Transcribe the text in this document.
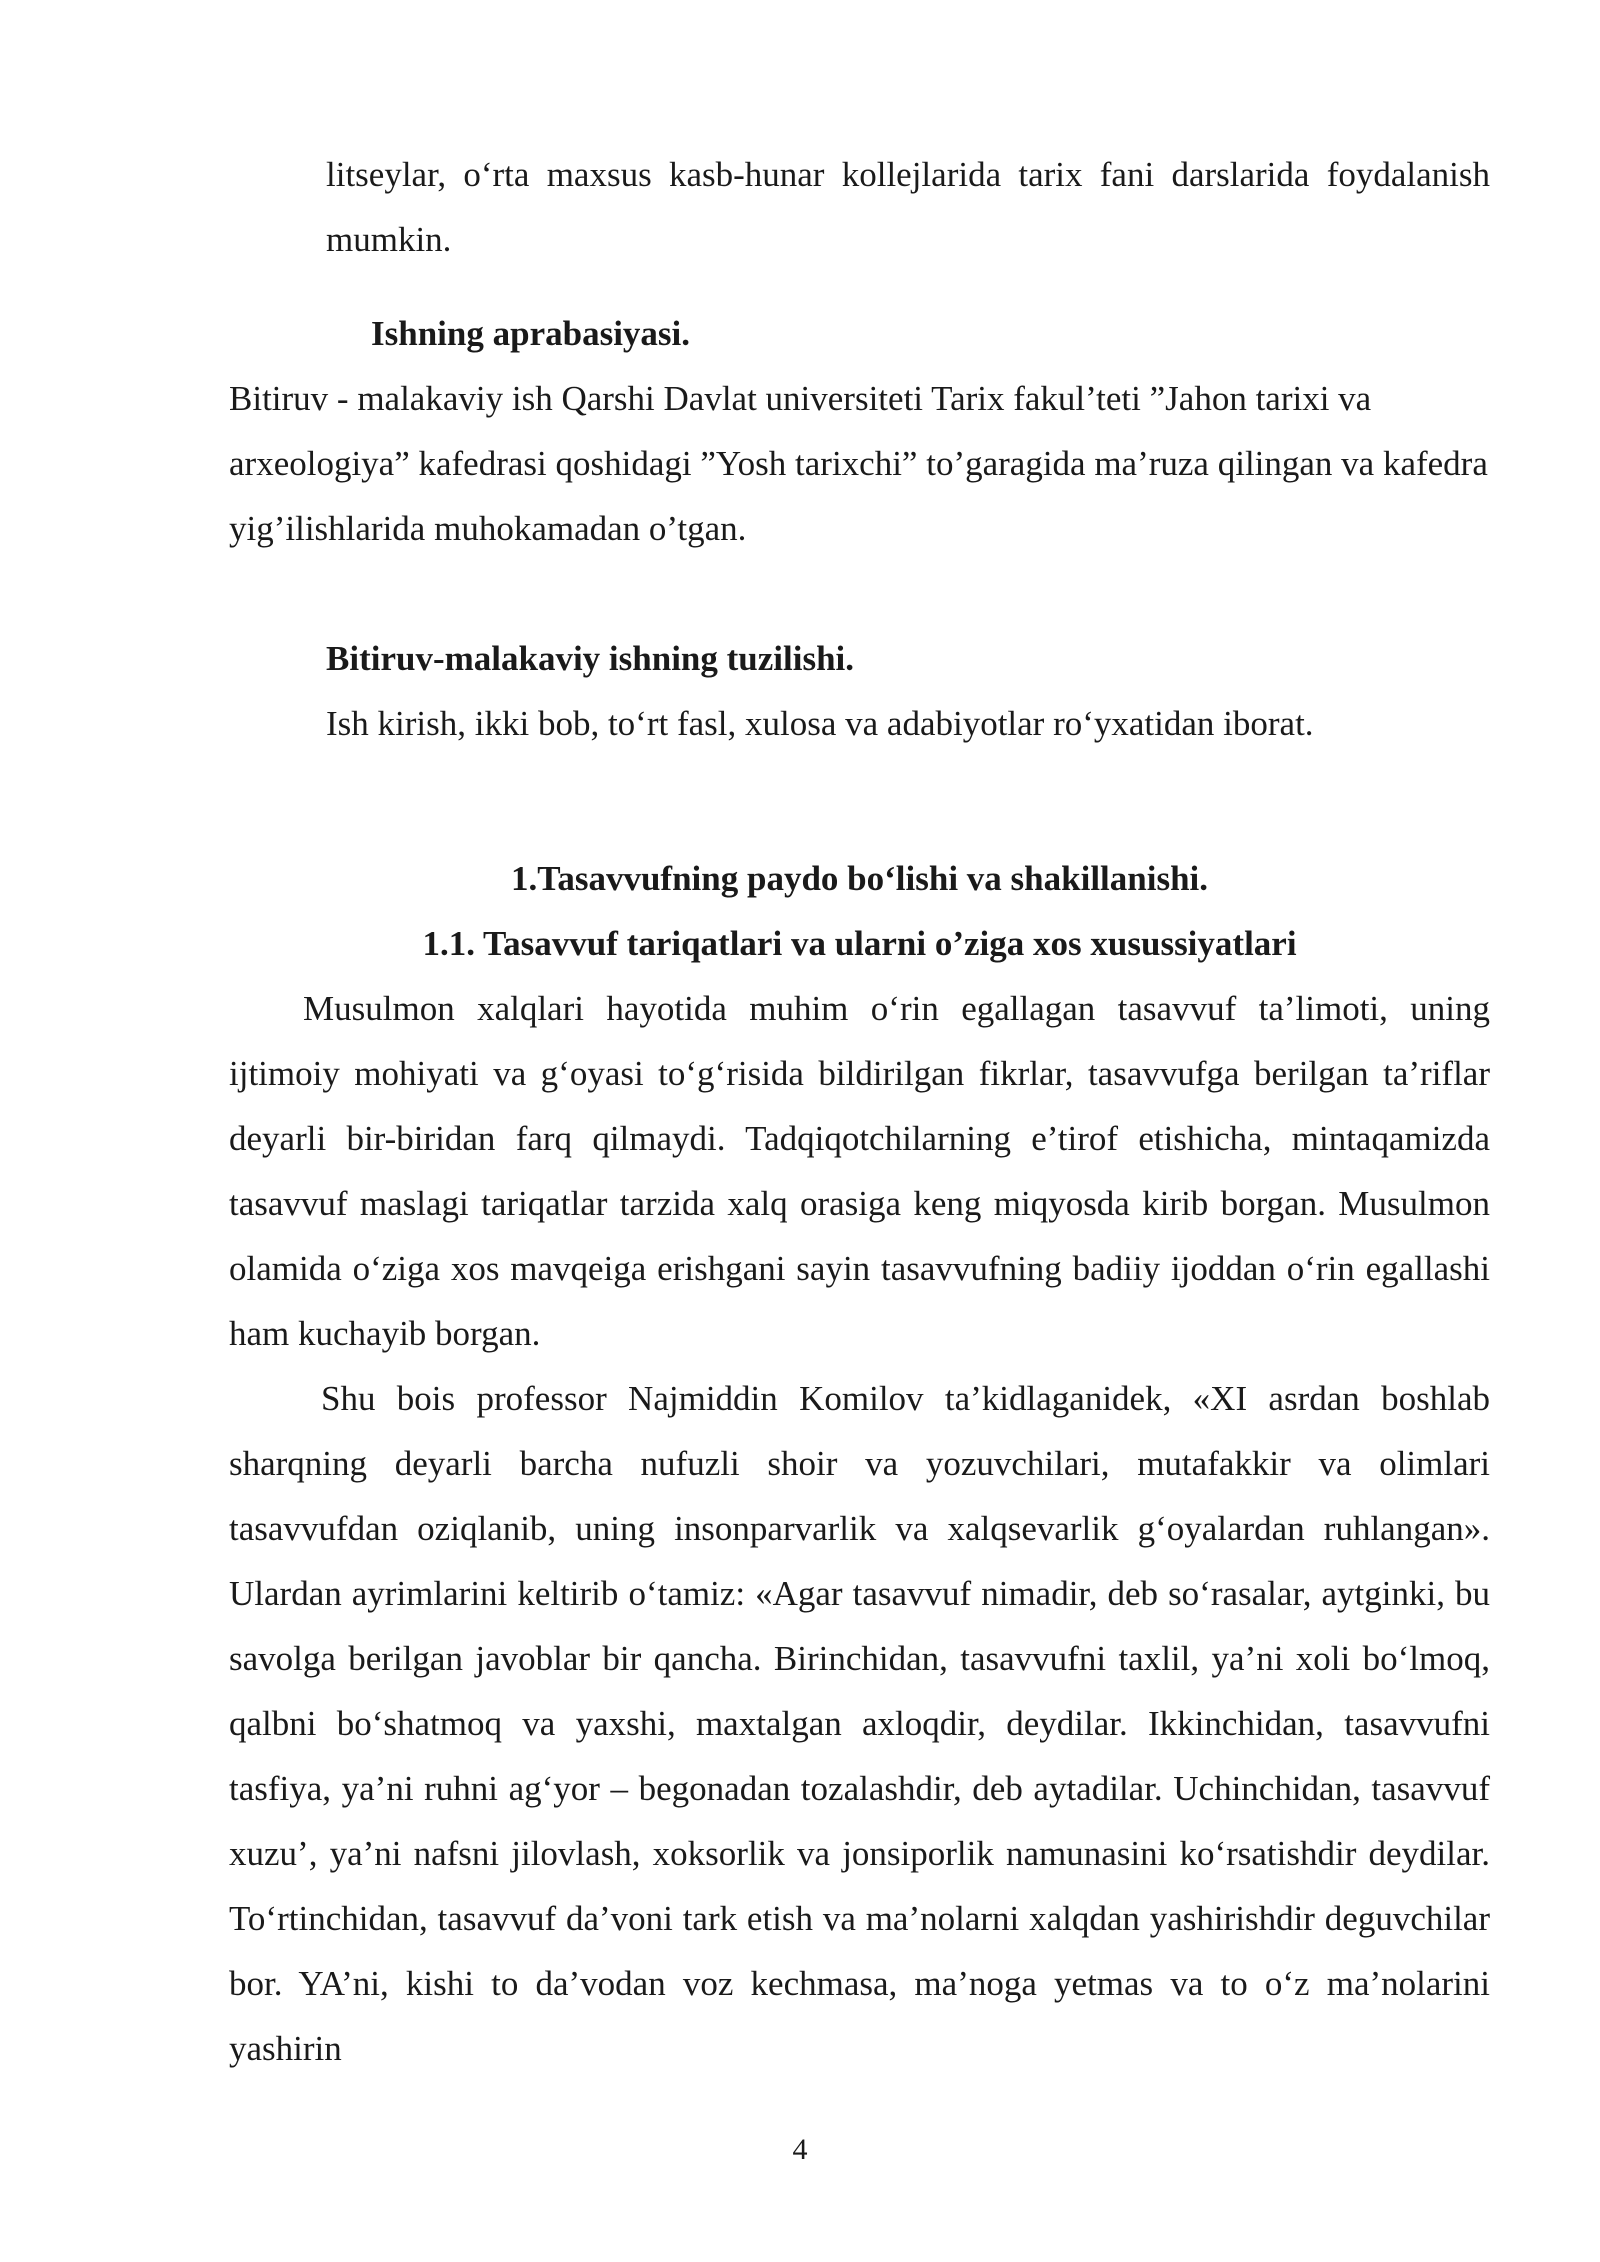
litseylar, o‘rta maxsus kasb-hunar kollejlarida tarix fani darslarida foydalanish mumkin.

Ishning aprabasiyasi.

Bitiruv - malakaviy ish Qarshi Davlat universiteti Tarix fakul’teti ”Jahon tarixi va arxeologiya” kafedrasi qoshidagi ”Yosh tarixchi” to’garagida ma’ruza qilingan va kafedra yig’ilishlarida muhokamadan o’tgan.

Bitiruv-malakaviy ishning tuzilishi.

Ish kirish, ikki bob, to‘rt fasl, xulosa va adabiyotlar ro‘yxatidan iborat.

1.Tasavvufning paydo bo‘lishi va shakillanishi.

1.1. Tasavvuf tariqatlari va ularni o’ziga xos xusussiyatlari

Musulmon xalqlari hayotida muhim o‘rin egallagan tasavvuf ta’limoti, uning ijtimoiy mohiyati va g‘oyasi to‘g‘risida bildirilgan fikrlar, tasavvufga berilgan ta’riflar deyarli bir-biridan farq qilmaydi. Tadqiqotchilarning e’tirof etishicha, mintaqamizda tasavvuf maslagi tariqatlar tarzida xalq orasiga keng miqyosda kirib borgan. Musulmon olamida o‘ziga xos mavqeiga erishgani sayin tasavvufning badiiy ijoddan o‘rin egallashi ham kuchayib borgan.

Shu bois professor Najmiddin Komilov ta’kidlaganidek, «XI asrdan boshlab sharqning deyarli barcha nufuzli shoir va yozuvchilari, mutafakkir va olimlari tasavvufdan oziqlanib, uning insonparvarlik va xalqsevarlik g‘oyalardan ruhlangan». Ulardan ayrimlarini keltirib o‘tamiz: «Agar tasavvuf nimadir, deb so‘rasalar, aytginki, bu savolga berilgan javoblar bir qancha. Birinchidan, tasavvufni taxlil, ya’ni xoli bo‘lmoq, qalbni bo‘shatmoq va yaxshi, maxtalgan axloqdir, deydilar. Ikkinchidan, tasavvufni tasfiya, ya’ni ruhni ag‘yor – begonadan tozalashdir, deb aytadilar. Uchinchidan, tasavvuf xuzu’, ya’ni nafsni jilovlash, xoksorlik va jonsiporlik namunasini ko‘rsatishdir deydilar. To‘rtinchidan, tasavvuf da’voni tark etish va ma’nolarni xalqdan yashirishdir deguvchilar bor. YA’ni, kishi to da’vodan voz kechmasa, ma’noga yetmas va to o‘z ma’nolarini yashirin

4
